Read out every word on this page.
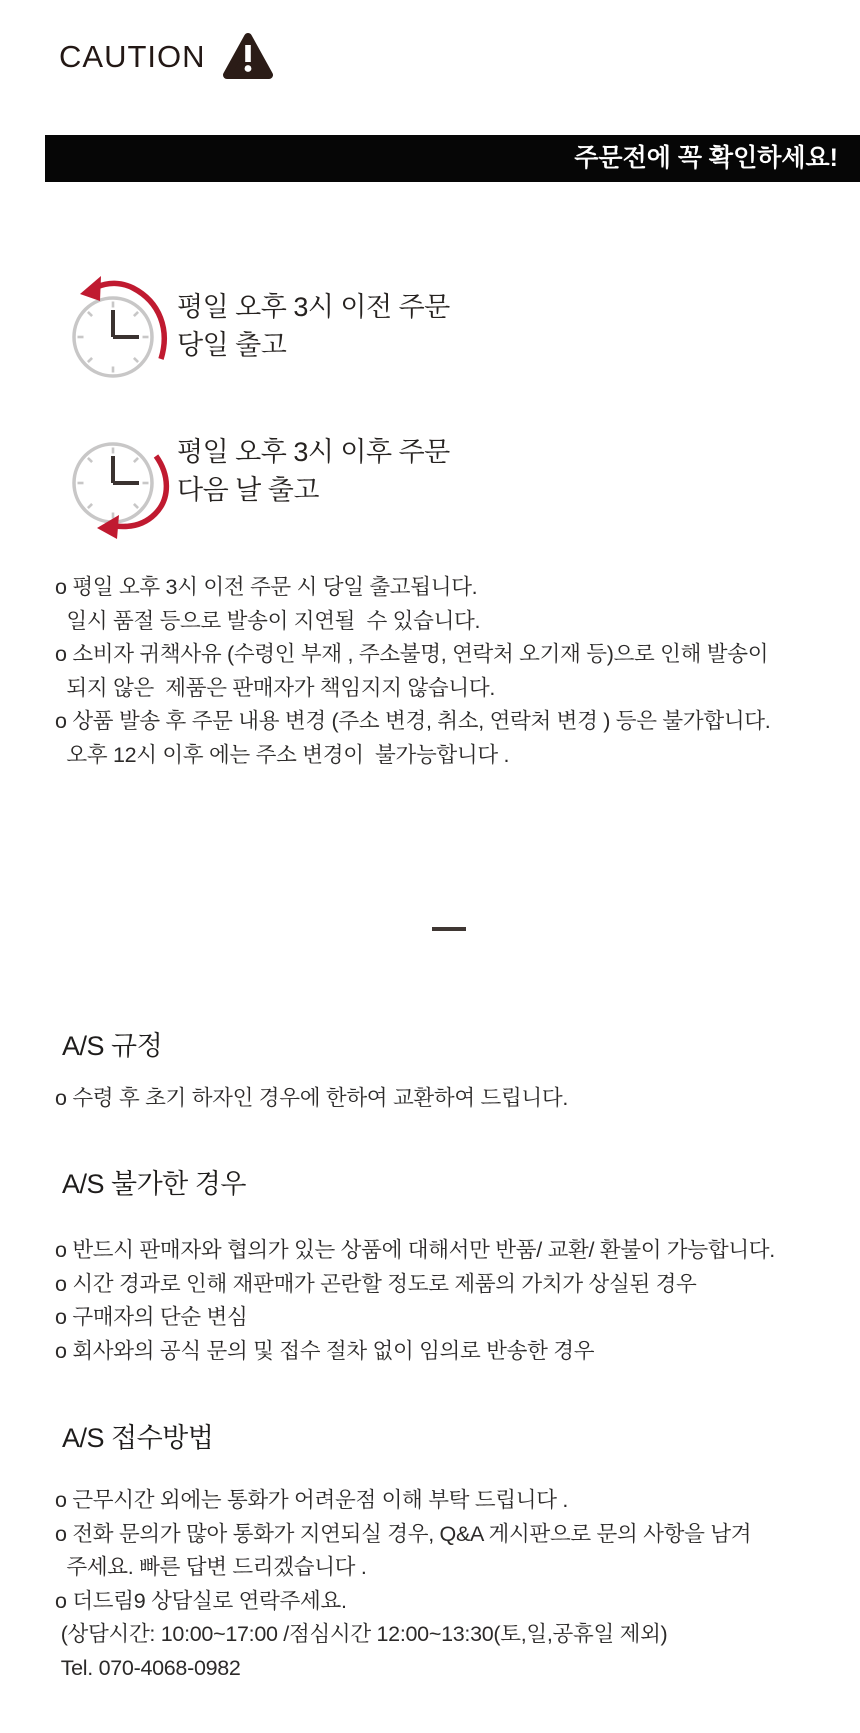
CAUTION
주문전에 꼭 확인하세요!
평일 오후 3시 이전 주문
당일 출고
평일 오후 3시 이후 주문
다음 날 출고
o 평일 오후 3시 이전 주문 시 당일 출고됩니다.
일시 품절 등으로 발송이 지연될  수 있습니다.
o 소비자 귀책사유 (수령인 부재 , 주소불명, 연락처 오기재 등)으로 인해 발송이
되지 않은  제품은 판매자가 책임지지 않습니다.
o 상품 발송 후 주문 내용 변경 (주소 변경, 취소, 연락처 변경 ) 등은 불가합니다.
오후 12시 이후 에는 주소 변경이  불가능합니다 .
A/S 규정
o 수령 후 초기 하자인 경우에 한하여 교환하여 드립니다.
A/S 불가한 경우
o 반드시 판매자와 협의가 있는 상품에 대해서만 반품/ 교환/ 환불이 가능합니다.
o 시간 경과로 인해 재판매가 곤란할 정도로 제품의 가치가 상실된 경우
o 구매자의 단순 변심
o 회사와의 공식 문의 및 접수 절차 없이 임의로 반송한 경우
A/S 접수방법
o 근무시간 외에는 통화가 어려운점 이해 부탁 드립니다 .
o 전화 문의가 많아 통화가 지연되실 경우, Q&A 게시판으로 문의 사항을 남겨
주세요. 빠른 답변 드리겠습니다 .
o 더드림9 상담실로 연락주세요.
(상담시간: 10:00~17:00 /점심시간 12:00~13:30(토,일,공휴일 제외)
Tel. 070-4068-0982
